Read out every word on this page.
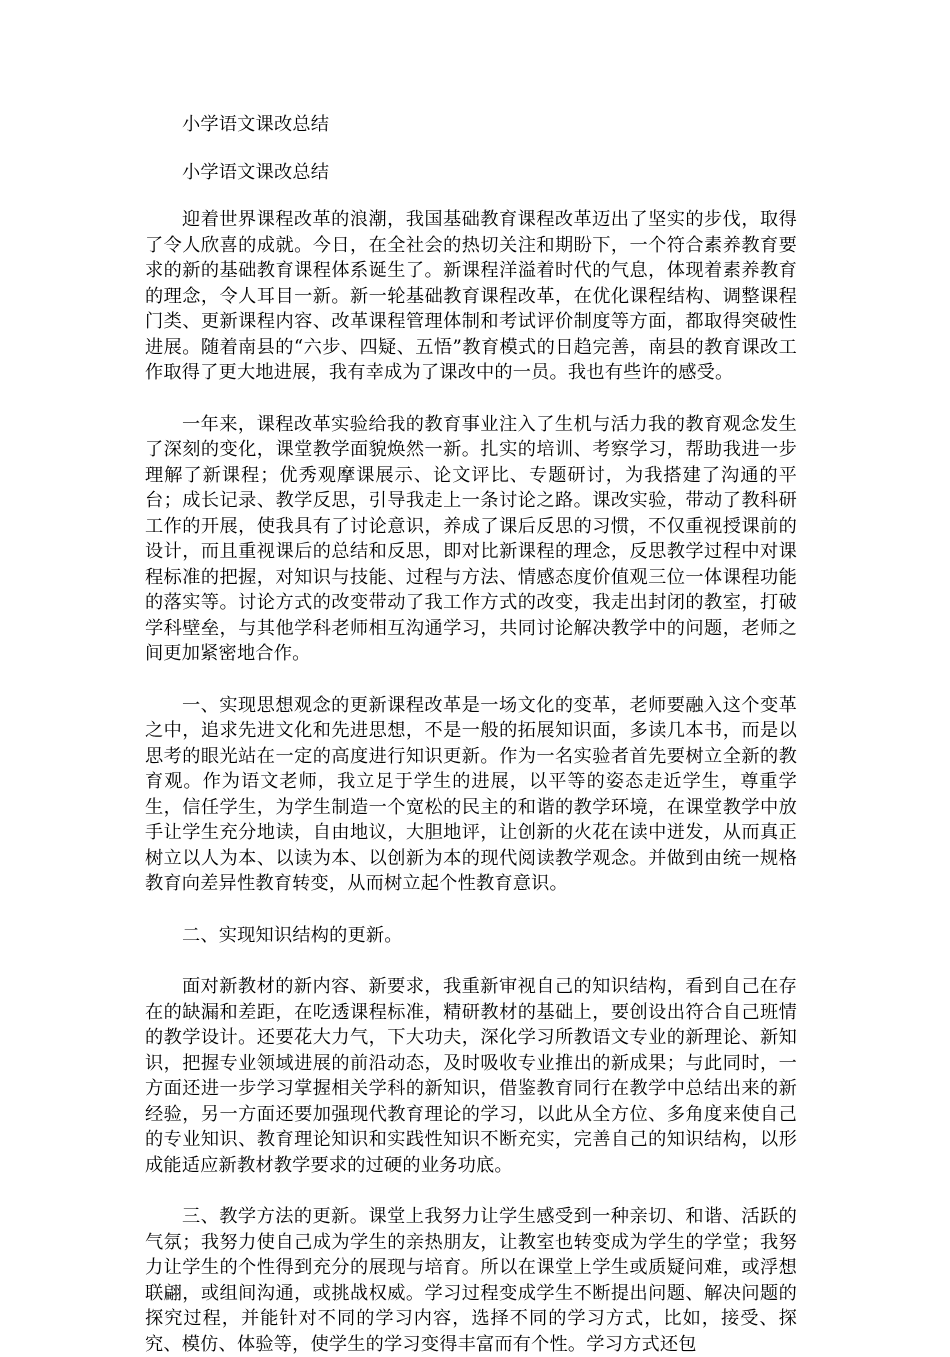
小学语文课改总结

小学语文课改总结

迎着世界课程改革的浪潮，我国基础教育课程改革迈出了坚实的步伐，取得了令人欣喜的成就。今日，在全社会的热切关注和期盼下，一个符合素养教育要求的新的基础教育课程体系诞生了。新课程洋溢着时代的气息，体现着素养教育的理念，令人耳目一新。新一轮基础教育课程改革，在优化课程结构、调整课程门类、更新课程内容、改革课程管理体制和考试评价制度等方面，都取得突破性进展。随着南县的“六步、四疑、五悟”教育模式的日趋完善，南县的教育课改工作取得了更大地进展，我有幸成为了课改中的一员。我也有些许的感受。

一年来，课程改革实验给我的教育事业注入了生机与活力我的教育观念发生了深刻的变化，课堂教学面貌焕然一新。扎实的培训、考察学习，帮助我进一步理解了新课程；优秀观摩课展示、论文评比、专题研讨，为我搭建了沟通的平台；成长记录、教学反思，引导我走上一条讨论之路。课改实验，带动了教科研工作的开展，使我具有了讨论意识，养成了课后反思的习惯，不仅重视授课前的设计，而且重视课后的总结和反思，即对比新课程的理念，反思教学过程中对课程标准的把握，对知识与技能、过程与方法、情感态度价值观三位一体课程功能的落实等。讨论方式的改变带动了我工作方式的改变，我走出封闭的教室，打破学科壁垒，与其他学科老师相互沟通学习，共同讨论解决教学中的问题，老师之间更加紧密地合作。

一、实现思想观念的更新课程改革是一场文化的变革，老师要融入这个变革之中，追求先进文化和先进思想，不是一般的拓展知识面，多读几本书，而是以思考的眼光站在一定的高度进行知识更新。作为一名实验者首先要树立全新的教育观。作为语文老师，我立足于学生的进展，以平等的姿态走近学生，尊重学生，信任学生，为学生制造一个宽松的民主的和谐的教学环境，在课堂教学中放手让学生充分地读，自由地议，大胆地评，让创新的火花在读中迸发，从而真正树立以人为本、以读为本、以创新为本的现代阅读教学观念。并做到由统一规格教育向差异性教育转变，从而树立起个性教育意识。

二、实现知识结构的更新。

面对新教材的新内容、新要求，我重新审视自己的知识结构，看到自己在存在的缺漏和差距，在吃透课程标准，精研教材的基础上，要创设出符合自己班情的教学设计。还要花大力气，下大功夫，深化学习所教语文专业的新理论、新知识，把握专业领域进展的前沿动态，及时吸收专业推出的新成果；与此同时，一方面还进一步学习掌握相关学科的新知识，借鉴教育同行在教学中总结出来的新经验，另一方面还要加强现代教育理论的学习，以此从全方位、多角度来使自己的专业知识、教育理论知识和实践性知识不断充实，完善自己的知识结构，以形成能适应新教材教学要求的过硬的业务功底。

三、教学方法的更新。课堂上我努力让学生感受到一种亲切、和谐、活跃的气氛；我努力使自己成为学生的亲热朋友，让教室也转变成为学生的学堂；我努力让学生的个性得到充分的展现与培育。所以在课堂上学生或质疑问难，或浮想联翩，或组间沟通，或挑战权威。学习过程变成学生不断提出问题、解决问题的探究过程，并能针对不同的学习内容，选择不同的学习方式，比如，接受、探究、模仿、体验等，使学生的学习变得丰富而有个性。学习方式还包
